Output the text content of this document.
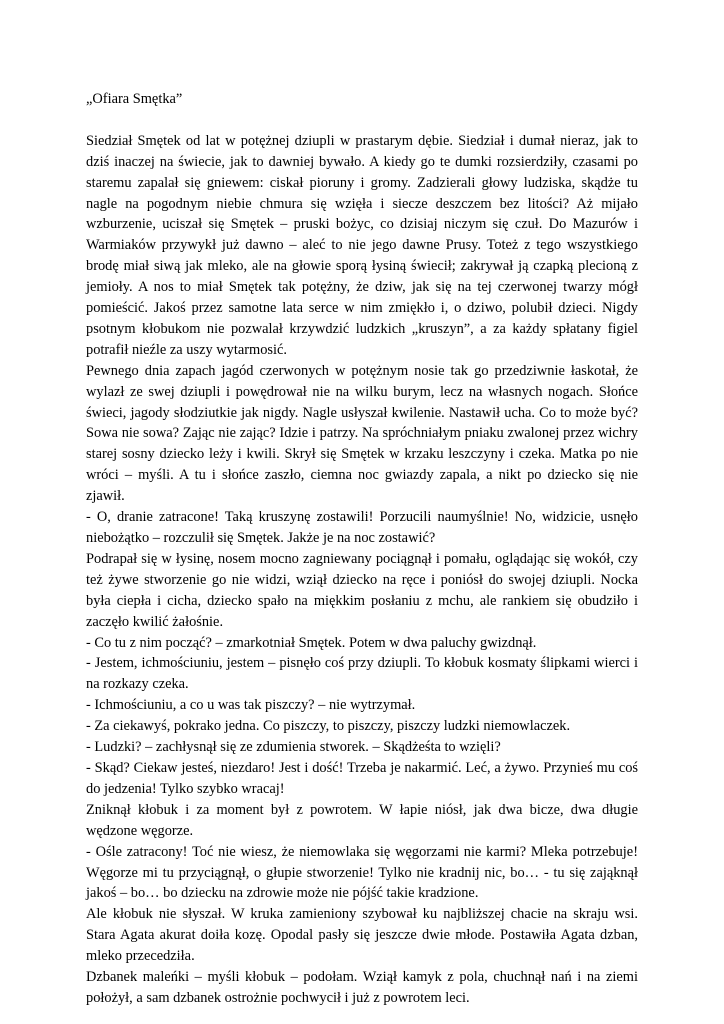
„Ofiara Smętka”

Siedział Smętek od lat w potężnej dziupli w prastarym dębie. Siedział i dumał nieraz, jak to dziś inaczej na świecie, jak to dawniej bywało. A kiedy go te dumki rozsierdziły, czasami po staremu zapalał się gniewem: ciskał pioruny i gromy. Zadzierali głowy ludziska, skądże tu nagle na pogodnym niebie chmura się wzięła i siecze deszczem bez litości? Aż mijało wzburzenie, uciszał się Smętek – pruski bożyc, co dzisiaj niczym się czuł. Do Mazurów i Warmiaków przywykł już dawno – aleć to nie jego dawne Prusy. Toteż z tego wszystkiego brodę miał siwą jak mleko, ale na głowie sporą łysiną świecił; zakrywał ją czapką plecioną z jemioły. A nos to miał Smętek tak potężny, że dziw, jak się na tej czerwonej twarzy mógł pomieścić. Jakoś przez samotne lata serce w nim zmiękło i, o dziwo, polubił dzieci. Nigdy psotnym kłobukom nie pozwalał krzywdzić ludzkich „kruszyn”, a za każdy spłatany figiel potrafił nieźle za uszy wytarmosić.

Pewnego dnia zapach jagód czerwonych w potężnym nosie tak go przedziwnie łaskotał, że wylazł ze swej dziupli i powędrował nie na wilku burym, lecz na własnych nogach. Słońce świeci, jagody słodziutkie jak nigdy. Nagle usłyszał kwilenie. Nastawił ucha. Co to może być? Sowa nie sowa? Zając nie zając? Idzie i patrzy. Na spróchniałym pniaku zwalonej przez wichry starej sosny dziecko leży i kwili. Skrył się Smętek w krzaku leszczyny i czeka. Matka po nie wróci – myśli. A tu i słońce zaszło, ciemna noc gwiazdy zapala, a nikt po dziecko się nie zjawił.

- O, dranie zatracone! Taką kruszynę zostawili! Porzucili naumyślnie! No, widzicie, usnęło niebożątko – rozczulił się Smętek. Jakże je na noc zostawić?

Podrapał się w łysinę, nosem mocno zagniewany pociągnął i pomału, oglądając się wokół, czy też żywe stworzenie go nie widzi, wziął dziecko na ręce i poniósł do swojej dziupli. Nocka była ciepła i cicha, dziecko spało na miękkim posłaniu z mchu, ale rankiem się obudziło i zaczęło kwilić żałośnie.

- Co tu z nim począć? – zmarkotniał Smętek. Potem w dwa paluchy gwizdnął.

- Jestem, ichmościuniu, jestem – pisnęło coś przy dziupli. To kłobuk kosmaty ślipkami wierci i na rozkazy czeka.

- Ichmościuniu, a co u was tak piszczy? – nie wytrzymał.

- Za ciekawyś, pokrako jedna. Co piszczy, to piszczy, piszczy ludzki niemowlaczek.

- Ludzki? – zachłysnął się ze zdumienia stworek. – Skądżeśta to wzięli?

- Skąd? Ciekaw jesteś, niezdaro! Jest i dość! Trzeba je nakarmić. Leć, a żywo. Przynieś mu coś do jedzenia! Tylko szybko wracaj!

Zniknął kłobuk i za moment był z powrotem. W łapie niósł, jak dwa bicze, dwa długie wędzone węgorze.

- Ośle zatracony! Toć nie wiesz, że niemowlaka się węgorzami nie karmi? Mleka potrzebuje! Węgorze mi tu przyciągnął, o głupie stworzenie! Tylko nie kradnij nic, bo… - tu się zająknął jakoś – bo… bo dziecku na zdrowie może nie pójść takie kradzione.

Ale kłobuk nie słyszał. W kruka zamieniony szybował ku najbliższej chacie na skraju wsi. Stara Agata akurat doiła kozę. Opodal pasły się jeszcze dwie młode. Postawiła Agata dzban, mleko przecedziła.

Dzbanek maleńki – myśli kłobuk – podołam. Wziął kamyk z pola, chuchnął nań i na ziemi położył, a sam dzbanek ostrożnie pochwycił i już z powrotem leci.
